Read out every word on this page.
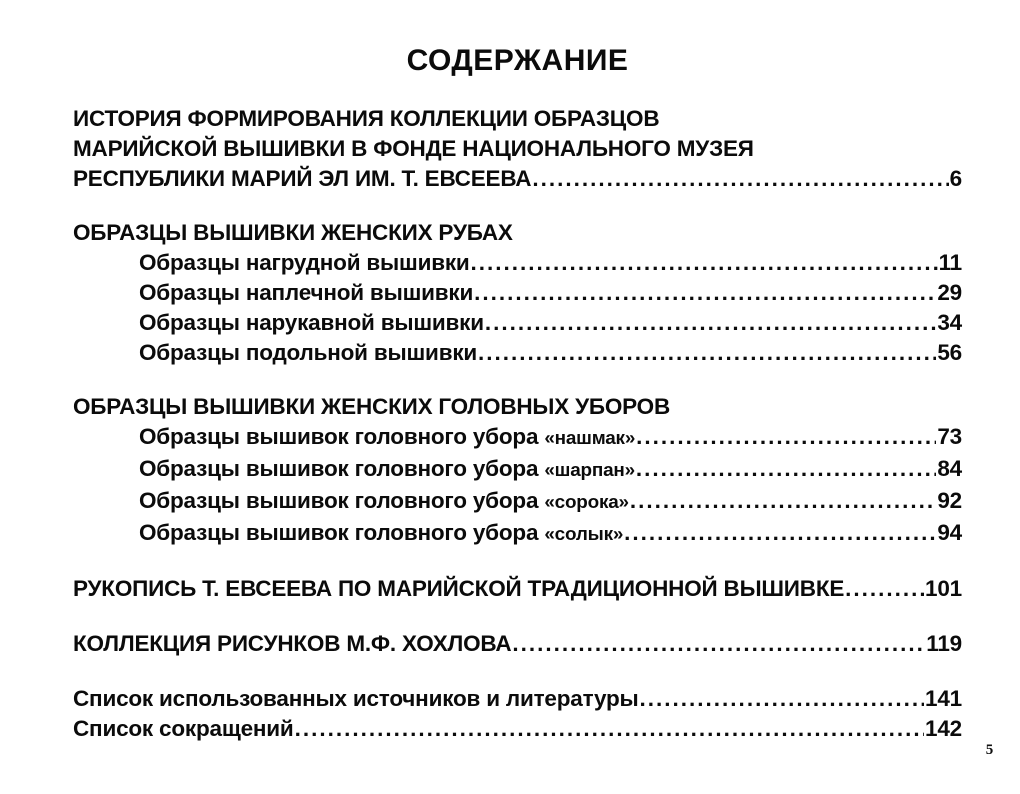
СОДЕРЖАНИЕ
ИСТОРИЯ ФОРМИРОВАНИЯ КОЛЛЕКЦИИ ОБРАЗЦОВ
МАРИЙСКОЙ ВЫШИВКИ В ФОНДЕ НАЦИОНАЛЬНОГО МУЗЕЯ
РЕСПУБЛИКИ МАРИЙ ЭЛ ИМ. Т. ЕВСЕЕВА .....	6
ОБРАЗЦЫ ВЫШИВКИ ЖЕНСКИХ РУБАХ
Образцы нагрудной вышивки .....	11
Образцы наплечной вышивки .....	29
Образцы нарукавной вышивки .....	34
Образцы подольной вышивки .....	56
ОБРАЗЦЫ ВЫШИВКИ ЖЕНСКИХ ГОЛОВНЫХ УБОРОВ
Образцы вышивок головного убора «нашмак» .....	73
Образцы вышивок головного убора «шарпан» .....	84
Образцы вышивок головного убора «сорока» .....	92
Образцы вышивок головного убора «солык» .....	94
РУКОПИСЬ Т. ЕВСЕЕВА ПО МАРИЙСКОЙ ТРАДИЦИОННОЙ ВЫШИВКЕ .....	101
КОЛЛЕКЦИЯ РИСУНКОВ М.Ф. ХОХЛОВА .....	119
Список использованных источников и литературы .....	141
Список сокращений .....	142
5
